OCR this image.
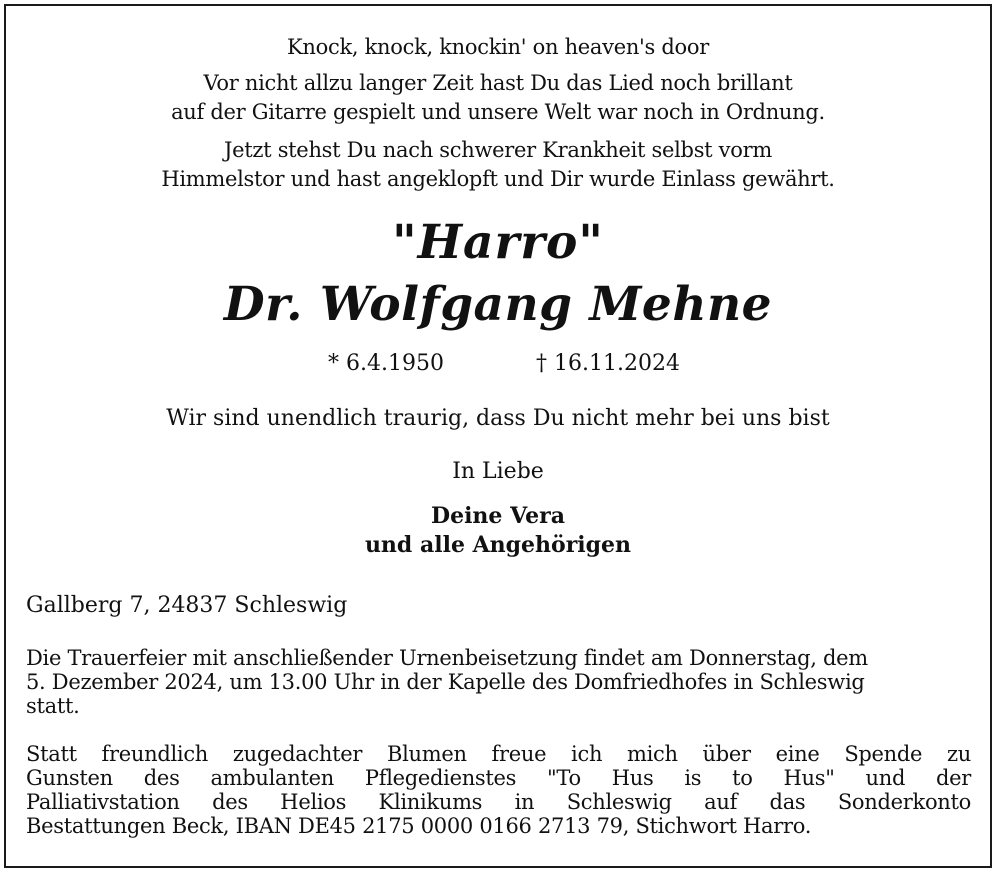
Knock, knock, knockin' on heaven's door
Vor nicht allzu langer Zeit hast Du das Lied noch brillant
auf der Gitarre gespielt und unsere Welt war noch in Ordnung.
Jetzt stehst Du nach schwerer Krankheit selbst vorm
Himmelstor und hast angeklopft und Dir wurde Einlass gewährt.
"Harro"
Dr. Wolfgang Mehne
* 6.4.1950	† 16.11.2024
Wir sind unendlich traurig, dass Du nicht mehr bei uns bist
In Liebe
Deine Vera
und alle Angehörigen
Gallberg 7, 24837 Schleswig
Die Trauerfeier mit anschließender Urnenbeisetzung findet am Donnerstag, dem
5. Dezember 2024, um 13.00 Uhr in der Kapelle des Domfriedhofes in Schleswig
statt.
Statt freundlich zugedachter Blumen freue ich mich über eine Spende zu
Gunsten des ambulanten Pflegedienstes "To Hus is to Hus" und der
Palliativstation des Helios Klinikums in Schleswig auf das Sonderkonto
Bestattungen Beck, IBAN DE45 2175 0000 0166 2713 79, Stichwort Harro.
